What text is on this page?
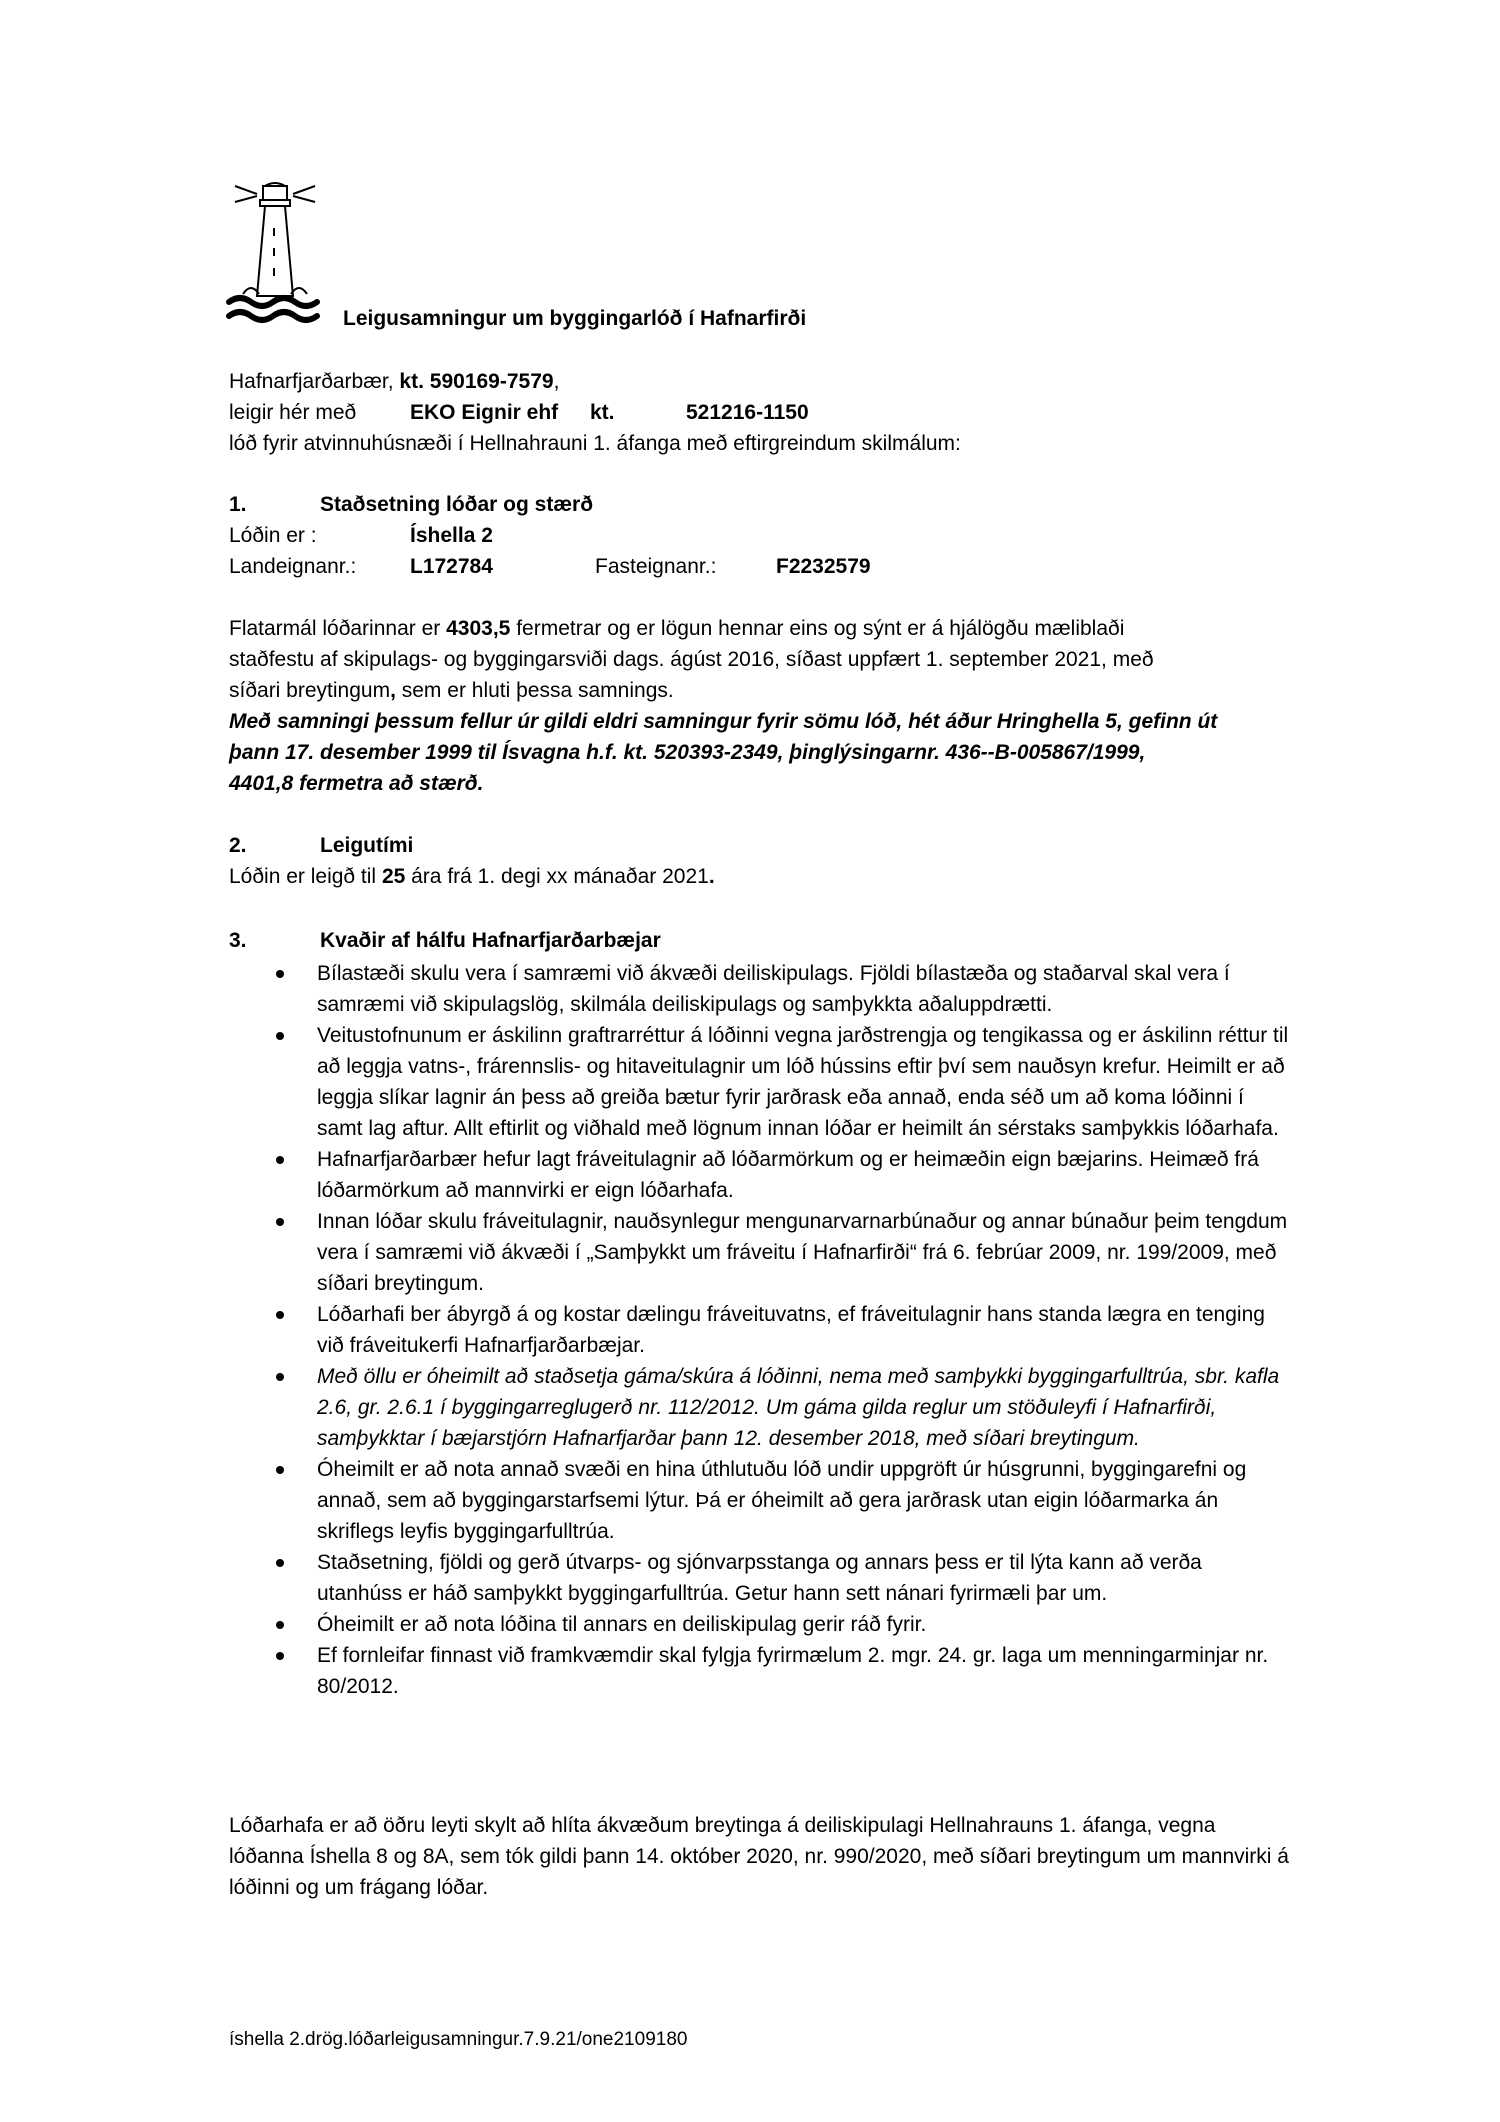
Leigusamningur um byggingarlóð í Hafnarfirði
Hafnarfjarðarbær, kt. 590169-7579,
leigir hér með	EKO Eignir ehf kt.	521216-1150
lóð fyrir atvinnuhúsnæði í Hellnahrauni 1. áfanga með eftirgreindum skilmálum:
1.	Staðsetning lóðar og stærð
Lóðin er :	Íshella 2
Landeignanr.:	L172784	Fasteignanr.:	F2232579
Flatarmál lóðarinnar er 4303,5 fermetrar og er lögun hennar eins og sýnt er á hjálögðu mæliblaði
staðfestu af skipulags- og byggingarsviði dags. ágúst 2016, síðast uppfært 1. september 2021, með
síðari breytingum, sem er hluti þessa samnings.
Með samningi þessum fellur úr gildi eldri samningur fyrir sömu lóð, hét áður Hringhella 5, gefinn út
þann 17. desember 1999 til Ísvagna h.f. kt. 520393-2349, þinglýsingarnr. 436--B-005867/1999,
4401,8 fermetra að stærð.
2.	Leigutími
Lóðin er leigð til 25 ára frá 1. degi xx mánaðar 2021.
3.	Kvaðir af hálfu Hafnarfjarðarbæjar
Bílastæði skulu vera í samræmi við ákvæði deiliskipulags. Fjöldi bílastæða og staðarval skal vera í samræmi við skipulagslög, skilmála deiliskipulags og samþykkta aðaluppdrætti.
Veitustofnunum er áskilinn graftrarréttur á lóðinni vegna jarðstrengja og tengikassa og er áskilinn réttur til að leggja vatns-, frárennslis- og hitaveitulagnir um lóð hússins eftir því sem nauðsyn krefur. Heimilt er að leggja slíkar lagnir án þess að greiða bætur fyrir jarðrask eða annað, enda séð um að koma lóðinni í samt lag aftur. Allt eftirlit og viðhald með lögnum innan lóðar er heimilt án sérstaks samþykkis lóðarhafa.
Hafnarfjarðarbær hefur lagt fráveitulagnir að lóðarmörkum og er heimæðin eign bæjarins. Heimæð frá lóðarmörkum að mannvirki er eign lóðarhafa.
Innan lóðar skulu fráveitulagnir, nauðsynlegur mengunarvarnarbúnaður og annar búnaður þeim tengdum vera í samræmi við ákvæði í „Samþykkt um fráveitu í Hafnarfirði“ frá 6. febrúar 2009, nr. 199/2009, með síðari breytingum.
Lóðarhafi ber ábyrgð á og kostar dælingu fráveituvatns, ef fráveitulagnir hans standa lægra en tenging við fráveitukerfi Hafnarfjarðarbæjar.
Með öllu er óheimilt að staðsetja gáma/skúra á lóðinni, nema með samþykki byggingarfulltrúa, sbr. kafla 2.6, gr. 2.6.1 í byggingarreglugerð nr. 112/2012. Um gáma gilda reglur um stöðuleyfi í Hafnarfirði, samþykktar í bæjarstjórn Hafnarfjarðar þann 12. desember 2018, með síðari breytingum.
Óheimilt er að nota annað svæði en hina úthlutuðu lóð undir uppgröft úr húsgrunni, byggingarefni og annað, sem að byggingarstarfsemi lýtur. Þá er óheimilt að gera jarðrask utan eigin lóðarmarka án skriflegs leyfis byggingarfulltrúa.
Staðsetning, fjöldi og gerð útvarps- og sjónvarpsstanga og annars þess er til lýta kann að verða utanhúss er háð samþykkt byggingarfulltrúa. Getur hann sett nánari fyrirmæli þar um.
Óheimilt er að nota lóðina til annars en deiliskipulag gerir ráð fyrir.
Ef fornleifar finnast við framkvæmdir skal fylgja fyrirmælum 2. mgr. 24. gr. laga um menningarminjar nr. 80/2012.
Lóðarhafa er að öðru leyti skylt að hlíta ákvæðum breytinga á deiliskipulagi Hellnahrauns 1. áfanga, vegna lóðanna Íshella 8 og 8A, sem tók gildi þann 14. október 2020, nr. 990/2020, með síðari breytingum um mannvirki á lóðinni og um frágang lóðar.
íshella 2.drög.lóðarleigusamningur.7.9.21/one2109180
